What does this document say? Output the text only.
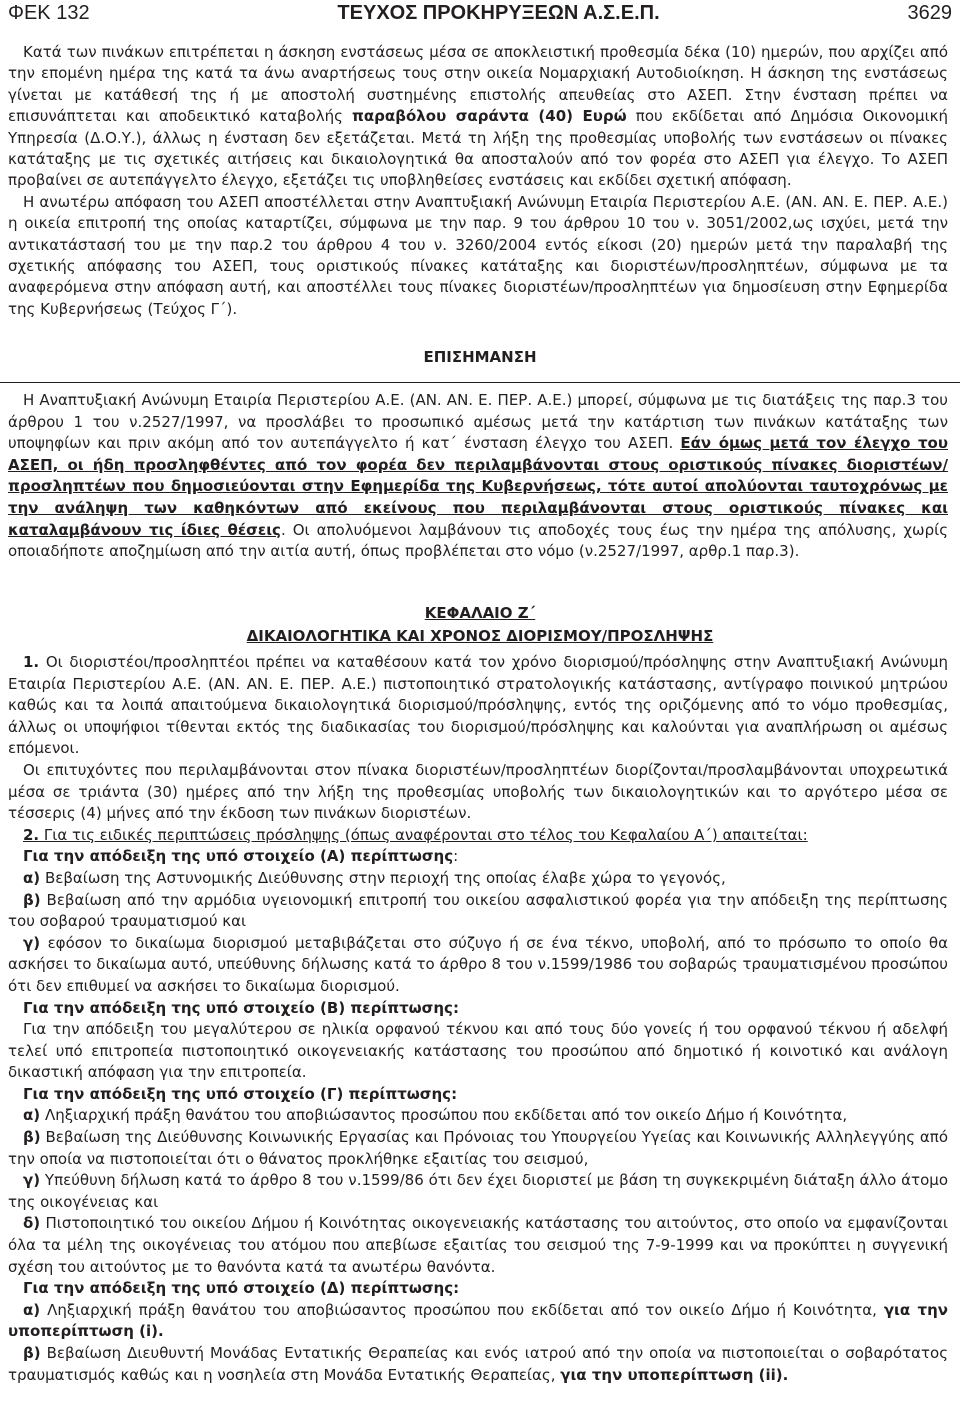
ΦΕΚ 132	ΤΕΥΧΟΣ ΠΡΟΚΗΡΥΞΕΩΝ Α.Σ.Ε.Π.	3629

Κατά των πινάκων επιτρέπεται η άσκηση ενστάσεως μέσα σε αποκλειστική προθεσμία δέκα (10) ημερών, που αρχίζει από την επομένη ημέρα της κατά τα άνω αναρτήσεως τους στην οικεία Νομαρχιακή Αυτοδιοίκηση. Η άσκηση της ενστάσεως γίνεται με κατάθεσή της ή με αποστολή συστημένης επιστολής απευθείας στο ΑΣΕΠ. Στην ένσταση πρέπει να επισυνάπτεται και αποδεικτικό καταβολής παραβόλου σαράντα (40) Ευρώ που εκδίδεται από Δημόσια Οικονομική Υπηρεσία (Δ.Ο.Υ.), άλλως η ένσταση δεν εξετάζεται. Μετά τη λήξη της προθεσμίας υποβολής των ενστάσεων οι πίνακες κατάταξης με τις σχετικές αιτήσεις και δικαιολογητικά θα αποσταλούν από τον φορέα στο ΑΣΕΠ για έλεγχο. Το ΑΣΕΠ προβαίνει σε αυτεπάγγελτο έλεγχο, εξετάζει τις υποβληθείσες ενστάσεις και εκδίδει σχετική απόφαση.

Η ανωτέρω απόφαση του ΑΣΕΠ αποστέλλεται στην Αναπτυξιακή Ανώνυμη Εταιρία Περιστερίου Α.Ε. (ΑΝ. ΑΝ. Ε. ΠΕΡ. Α.Ε.) η οικεία επιτροπή της οποίας καταρτίζει, σύμφωνα με την παρ. 9 του άρθρου 10 του ν. 3051/2002,ως ισχύει, μετά την αντικατάστασή του με την παρ.2 του άρθρου 4 του ν. 3260/2004 εντός είκοσι (20) ημερών μετά την παραλαβή της σχετικής απόφασης του ΑΣΕΠ, τους οριστικούς πίνακες κατάταξης και διοριστέων/προσληπτέων, σύμφωνα με τα αναφερόμενα στην απόφαση αυτή, και αποστέλλει τους πίνακες διοριστέων/προσληπτέων για δημοσίευση στην Εφημερίδα της Κυβερνήσεως (Τεύχος Γ΄).

ΕΠΙΣΗΜΑΝΣΗ

Η Αναπτυξιακή Ανώνυμη Εταιρία Περιστερίου Α.Ε. (ΑΝ. ΑΝ. Ε. ΠΕΡ. Α.Ε.) μπορεί, σύμφωνα με τις διατάξεις της παρ.3 του άρθρου 1 του ν.2527/1997, να προσλάβει το προσωπικό αμέσως μετά την κατάρτιση των πινάκων κατάταξης των υποψηφίων και πριν ακόμη από τον αυτεπάγγελτο ή κατ΄ ένσταση έλεγχο του ΑΣΕΠ. Εάν όμως μετά τον έλεγχο του ΑΣΕΠ, οι ήδη προσληφθέντες από τον φορέα δεν περιλαμβάνονται στους οριστικούς πίνακες διοριστέων/προσληπτέων που δημοσιεύονται στην Εφημερίδα της Κυβερνήσεως, τότε αυτοί απολύονται ταυτοχρόνως με την ανάληψη των καθηκόντων από εκείνους που περιλαμβάνονται στους οριστικούς πίνακες και καταλαμβάνουν τις ίδιες θέσεις. Οι απολυόμενοι λαμβάνουν τις αποδοχές τους έως την ημέρα της απόλυσης, χωρίς οποιαδήποτε αποζημίωση από την αιτία αυτή, όπως προβλέπεται στο νόμο (ν.2527/1997, αρθρ.1 παρ.3).

ΚΕΦΑΛΑΙΟ Ζ΄
ΔΙΚΑΙΟΛΟΓΗΤΙΚΑ ΚΑΙ ΧΡΟΝΟΣ ΔΙΟΡΙΣΜΟΥ/ΠΡΟΣΛΗΨΗΣ

1. Οι διοριστέοι/προσληπτέοι πρέπει να καταθέσουν κατά τον χρόνο διορισμού/πρόσληψης στην Αναπτυξιακή Ανώνυμη Εταιρία Περιστερίου Α.Ε. (ΑΝ. ΑΝ. Ε. ΠΕΡ. Α.Ε.) πιστοποιητικό στρατολογικής κατάστασης, αντίγραφο ποινικού μητρώου καθώς και τα λοιπά απαιτούμενα δικαιολογητικά διορισμού/πρόσληψης, εντός της οριζόμενης από το νόμο προθεσμίας, άλλως οι υποψήφιοι τίθενται εκτός της διαδικασίας του διορισμού/πρόσληψης και καλούνται για αναπλήρωση οι αμέσως επόμενοι.

Οι επιτυχόντες που περιλαμβάνονται στον πίνακα διοριστέων/προσληπτέων διορίζονται/προσλαμβάνονται υποχρεωτικά μέσα σε τριάντα (30) ημέρες από την λήξη της προθεσμίας υποβολής των δικαιολογητικών και το αργότερο μέσα σε τέσσερις (4) μήνες από την έκδοση των πινάκων διοριστέων.

2. Για τις ειδικές περιπτώσεις πρόσληψης (όπως αναφέρονται στο τέλος του Κεφαλαίου Α΄) απαιτείται:

Για την απόδειξη της υπό στοιχείο (Α) περίπτωσης:

α) Βεβαίωση της Αστυνομικής Διεύθυνσης στην περιοχή της οποίας έλαβε χώρα το γεγονός,

β) Βεβαίωση από την αρμόδια υγειονομική επιτροπή του οικείου ασφαλιστικού φορέα για την απόδειξη της περίπτωσης του σοβαρού τραυματισμού και

γ) εφόσον το δικαίωμα διορισμού μεταβιβάζεται στο σύζυγο ή σε ένα τέκνο, υποβολή, από το πρόσωπο το οποίο θα ασκήσει το δικαίωμα αυτό, υπεύθυνης δήλωσης κατά το άρθρο 8 του ν.1599/1986 του σοβαρώς τραυματισμένου προσώπου ότι δεν επιθυμεί να ασκήσει το δικαίωμα διορισμού.

Για την απόδειξη της υπό στοιχείο (Β) περίπτωσης:

Για την απόδειξη του μεγαλύτερου σε ηλικία ορφανού τέκνου και από τους δύο γονείς ή του ορφανού τέκνου ή αδελφή τελεί υπό επιτροπεία πιστοποιητικό οικογενειακής κατάστασης του προσώπου από δημοτικό ή κοινοτικό και ανάλογη δικαστική απόφαση για την επιτροπεία.

Για την απόδειξη της υπό στοιχείο (Γ) περίπτωσης:

α) Ληξιαρχική πράξη θανάτου του αποβιώσαντος προσώπου που εκδίδεται από τον οικείο Δήμο ή Κοινότητα,

β) Βεβαίωση της Διεύθυνσης Κοινωνικής Εργασίας και Πρόνοιας του Υπουργείου Υγείας και Κοινωνικής Αλληλεγγύης από την οποία να πιστοποιείται ότι ο θάνατος προκλήθηκε εξαιτίας του σεισμού,

γ) Υπεύθυνη δήλωση κατά το άρθρο 8 του ν.1599/86 ότι δεν έχει διοριστεί με βάση τη συγκεκριμένη διάταξη άλλο άτομο της οικογένειας και

δ) Πιστοποιητικό του οικείου Δήμου ή Κοινότητας οικογενειακής κατάστασης του αιτούντος, στο οποίο να εμφανίζονται όλα τα μέλη της οικογένειας του ατόμου που απεβίωσε εξαιτίας του σεισμού της 7-9-1999 και να προκύπτει η συγγενική σχέση του αιτούντος με το θανόντα κατά τα ανωτέρω θανόντα.

Για την απόδειξη της υπό στοιχείο (Δ) περίπτωσης:

α) Ληξιαρχική πράξη θανάτου του αποβιώσαντος προσώπου που εκδίδεται από τον οικείο Δήμο ή Κοινότητα, για την υποπερίπτωση (i).

β) Βεβαίωση Διευθυντή Μονάδας Εντατικής Θεραπείας και ενός ιατρού από την οποία να πιστοποιείται ο σοβαρότατος τραυματισμός καθώς και η νοσηλεία στη Μονάδα Εντατικής Θεραπείας, για την υποπερίπτωση (ii).
